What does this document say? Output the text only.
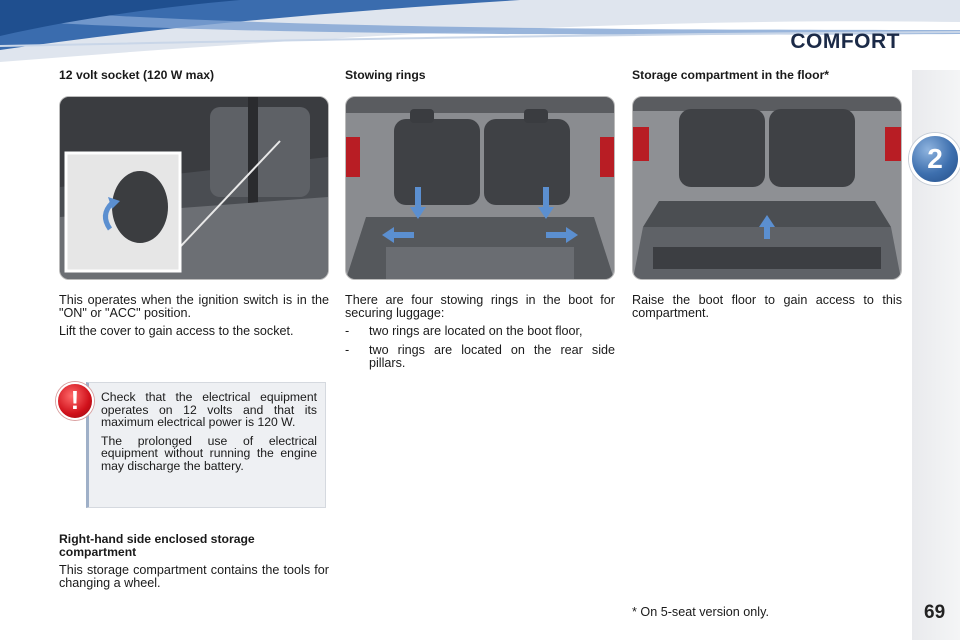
COMFORT
2
12 volt socket (120 W max)

This operates when the ignition switch is in the "ON" or "ACC" position.

Lift the cover to gain access to the socket.

Stowing rings

There are four stowing rings in the boot for securing luggage:

-	two rings are located on the boot floor,
-	two rings are located on the rear side pillars.
Storage compartment in the floor*

Raise the boot floor to gain access to this compartment.

Check that the electrical equipment operates on 12 volts and that its maximum electrical power is 120 W.

The prolonged use of electrical equipment without running the engine may discharge the battery.

!
Right-hand side enclosed storage compartment

This storage compartment contains the tools for changing a wheel.

* On 5-seat version only.	69
